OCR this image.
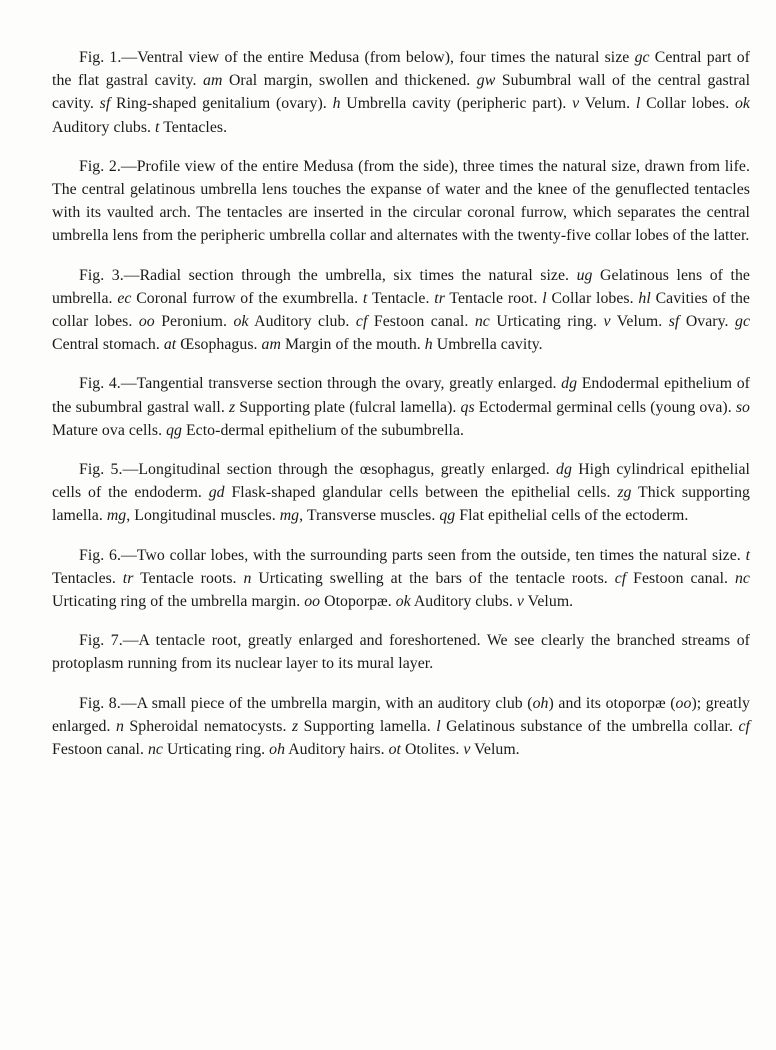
Fig. 1.—Ventral view of the entire Medusa (from below), four times the natural size gc Central part of the flat gastral cavity. am Oral margin, swollen and thickened. gw Subumbral wall of the central gastral cavity. sf Ring-shaped genitalium (ovary). h Umbrella cavity (peripheric part). v Velum. l Collar lobes. ok Auditory clubs. t Tentacles.

Fig. 2.—Profile view of the entire Medusa (from the side), three times the natural size, drawn from life. The central gelatinous umbrella lens touches the expanse of water and the knee of the genuflected tentacles with its vaulted arch. The tentacles are inserted in the circular coronal furrow, which separates the central umbrella lens from the peripheric umbrella collar and alternates with the twenty-five collar lobes of the latter.

Fig. 3.—Radial section through the umbrella, six times the natural size. ug Gelatinous lens of the umbrella. ec Coronal furrow of the exumbrella. t Tentacle. tr Tentacle root. l Collar lobes. hl Cavities of the collar lobes. oo Peronium. ok Auditory club. cf Festoon canal. nc Urticating ring. v Velum. sf Ovary. gc Central stomach. at Œsophagus. am Margin of the mouth. h Umbrella cavity.

Fig. 4.—Tangential transverse section through the ovary, greatly enlarged. dg Endodermal epithelium of the subumbral gastral wall. z Supporting plate (fulcral lamella). qs Ectodermal germinal cells (young ova). so Mature ova cells. qg Ecto-dermal epithelium of the subumbrella.

Fig. 5.—Longitudinal section through the œsophagus, greatly enlarged. dg High cylindrical epithelial cells of the endoderm. gd Flask-shaped glandular cells between the epithelial cells. zg Thick supporting lamella. mg, Longitudinal muscles. mg, Transverse muscles. qg Flat epithelial cells of the ectoderm.

Fig. 6.—Two collar lobes, with the surrounding parts seen from the outside, ten times the natural size. t Tentacles. tr Tentacle roots. n Urticating swelling at the bars of the tentacle roots. cf Festoon canal. nc Urticating ring of the umbrella margin. oo Otoporpæ. ok Auditory clubs. v Velum.

Fig. 7.—A tentacle root, greatly enlarged and foreshortened. We see clearly the branched streams of protoplasm running from its nuclear layer to its mural layer.

Fig. 8.—A small piece of the umbrella margin, with an auditory club (oh) and its otoporpæ (oo); greatly enlarged. n Spheroidal nematocysts. z Supporting lamella. l Gelatinous substance of the umbrella collar. cf Festoon canal. nc Urticating ring. oh Auditory hairs. ot Otolites. v Velum.
